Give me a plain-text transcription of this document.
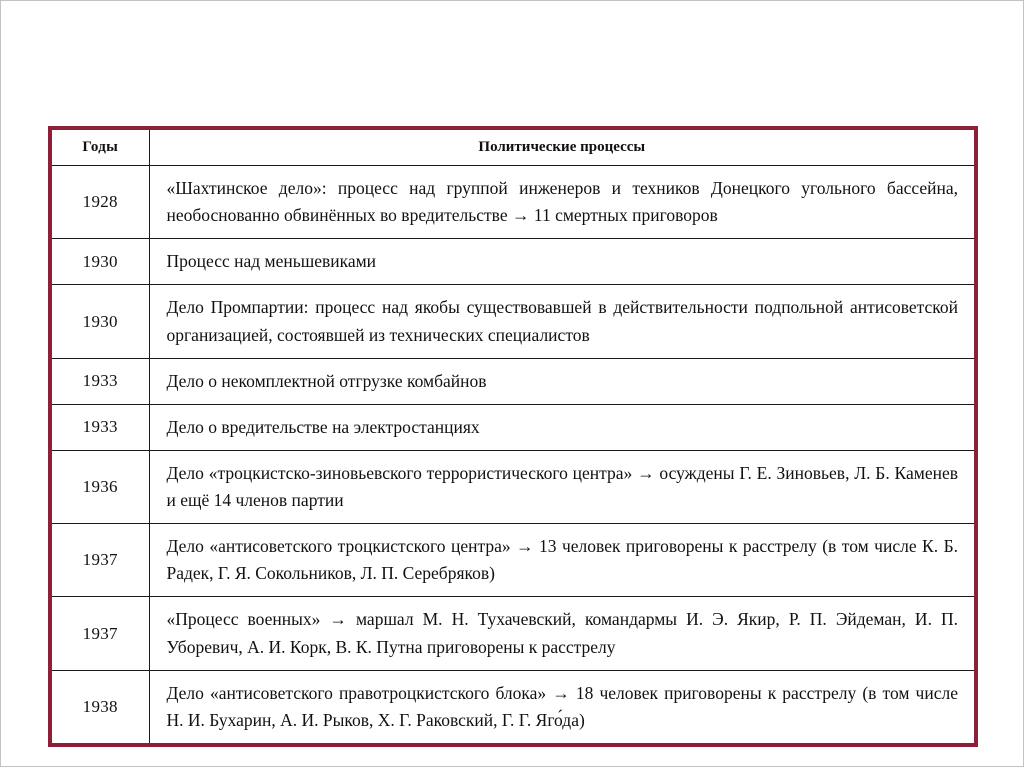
Годы	Политические процессы
1928	«Шахтинское дело»: процесс над группой инженеров и техников Донецкого угольного бассейна, необоснованно обвинённых во вредительстве → 11 смертных приговоров
1930	Процесс над меньшевиками
1930	Дело Промпартии: процесс над якобы существовавшей в действительности подпольной антисоветской организацией, состоявшей из технических специалистов
1933	Дело о некомплектной отгрузке комбайнов
1933	Дело о вредительстве на электростанциях
1936	Дело «троцкистско-зиновьевского террористического центра» → осуждены Г. Е. Зиновьев, Л. Б. Каменев и ещё 14 членов партии
1937	Дело «антисоветского троцкистского центра» → 13 человек приговорены к расстрелу (в том числе К. Б. Радек, Г. Я. Сокольников, Л. П. Серебряков)
1937	«Процесс военных» → маршал М. Н. Тухачевский, командармы И. Э. Якир, Р. П. Эйдеман, И. П. Уборевич, А. И. Корк, В. К. Путна приговорены к расстрелу
1938	Дело «антисоветского правотроцкистского блока» → 18 человек приговорены к расстрелу (в том числе Н. И. Бухарин, А. И. Рыков, Х. Г. Раковский, Г. Г. Яго́да)
